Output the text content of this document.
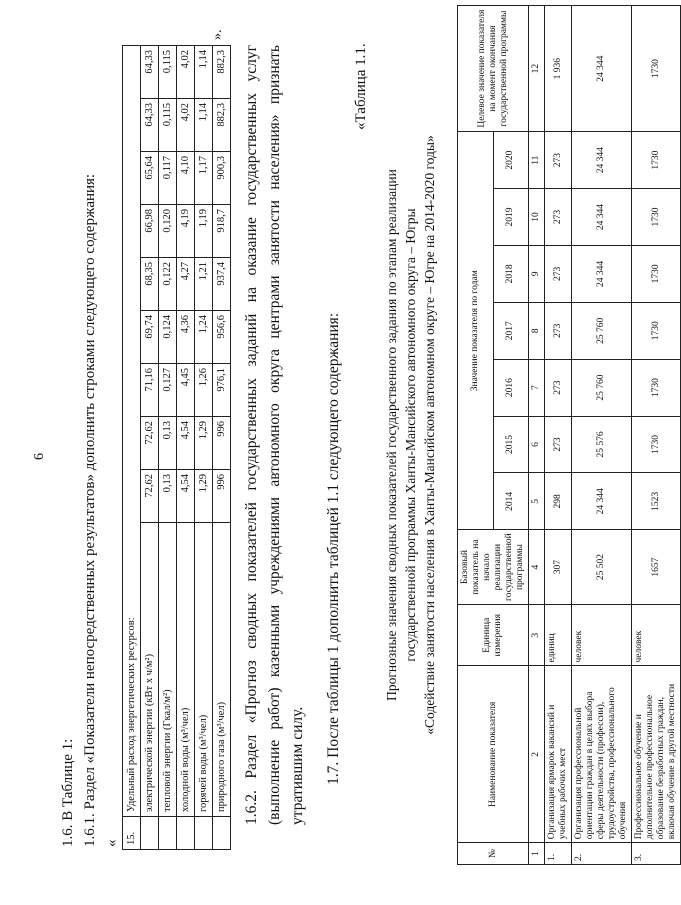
6
1.6. В Таблице 1: 1.6.1. Раздел «Показатели непосредственных результатов» дополнить строками следующего содержания: « 15.	Удельный расход энергетических ресурсов:									
	электрической энергии (кВт х ч/м²)	72,62	72,62	71,16	69,74	68,35	66,98	65,64	64,33	64,33
	тепловой энергии (Гкал/м²)	0,13	0,13	0,127	0,124	0,122	0,120	0,117	0,115	0,115
	холодной воды (м³/чел)	4,54	4,54	4,45	4,36	4,27	4,19	4,10	4,02	4,02
	горячей воды (м³/чел)	1,29	1,29	1,26	1,24	1,21	1,19	1,17	1,14	1,14
	природного газа (м³/чел)	996	996	976,1	956,6	937,4	918,7	900,3	882,3	882,3
».
1.6.2. Раздел «Прогноз сводных показателей государственных заданий на оказание государственных услуг (выполнение работ) казенными учреждениями автономного округа центрами занятости населения» признать утратившим силу. 1.7. После таблицы 1 дополнить таблицей 1.1 следующего содержания:
«Таблица 1.1.
Прогнозные значения сводных показателей государственного задания по этапам реализации государственной программы Ханты-Мансийского автономного округа – Югры «Содействие занятости населения в Ханты-Мансийском автономном округе – Югре на 2014-2020 годы»
№	Наименование показателя	Единица измерения	Базовый показатель на начало реализации государственной программы	Значение показателя по годам							Целевое значение показателя на момент окончания государственной программы
				2014	2015	2016	2017	2018	2019	2020	
1	2	3	4	5	6	7	8	9	10	11	12
1.	Организация ярмарок вакансий и учебных рабочих мест	единиц	307	298	273	273	273	273	273	273	1 936
2.	Организация профессиональной ориентации граждан в целях выбора сферы деятельности (профессии), трудоустройства, профессионального обучения	человек	25 502	24 344	25 576	25 760	25 760	24 344	24 344	24 344	24 344
3.	Профессиональное обучение и дополнительное профессиональное образование безработных граждан, включая обучение в другой местности	человек	1657	1523	1730	1730	1730	1730	1730	1730	1730
